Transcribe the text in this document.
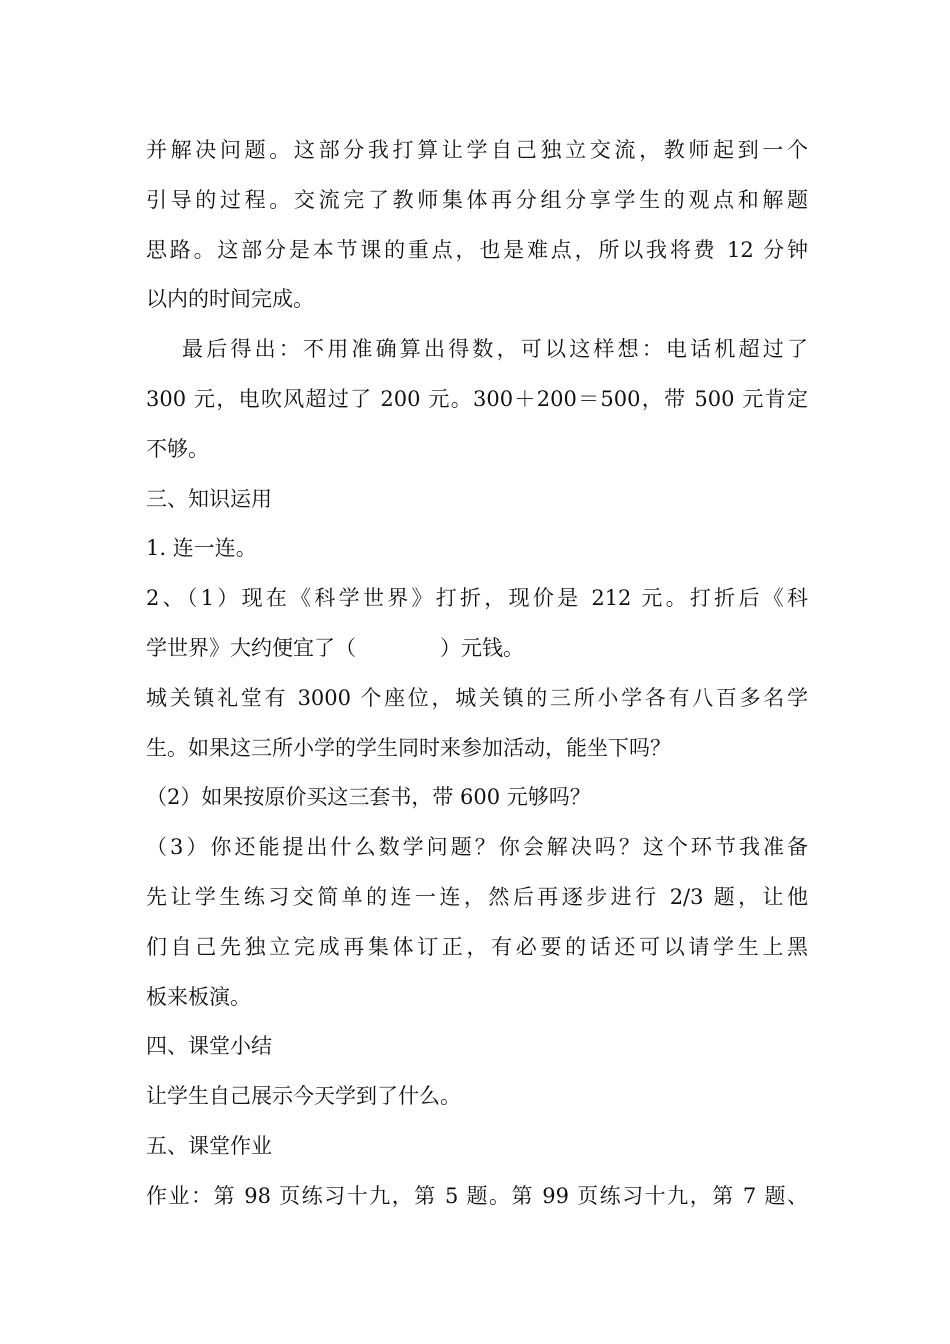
并解决问题。这部分我打算让学自己独立交流，教师起到一个
引导的过程。交流完了教师集体再分组分享学生的观点和解题
思路。这部分是本节课的重点，也是难点，所以我将费 12 分钟
以内的时间完成。
最后得出：不用准确算出得数，可以这样想：电话机超过了
300 元，电吹风超过了 200 元。300＋200＝500，带 500 元肯定
不够。
三、知识运用
1. 连一连。
2、（1）现在《科学世界》打折，现价是 212 元。打折后《科
学世界》大约便宜了（　　　　）元钱。
城关镇礼堂有 3000 个座位，城关镇的三所小学各有八百多名学
生。如果这三所小学的学生同时来参加活动，能坐下吗？
（2）如果按原价买这三套书，带 600 元够吗？
（3）你还能提出什么数学问题？你会解决吗？这个环节我准备
先让学生练习交简单的连一连，然后再逐步进行 2/3 题，让他
们自己先独立完成再集体订正，有必要的话还可以请学生上黑
板来板演。
四、课堂小结
让学生自己展示今天学到了什么。
五、课堂作业
作业：第 98 页练习十九，第 5 题。第 99 页练习十九，第 7 题、
